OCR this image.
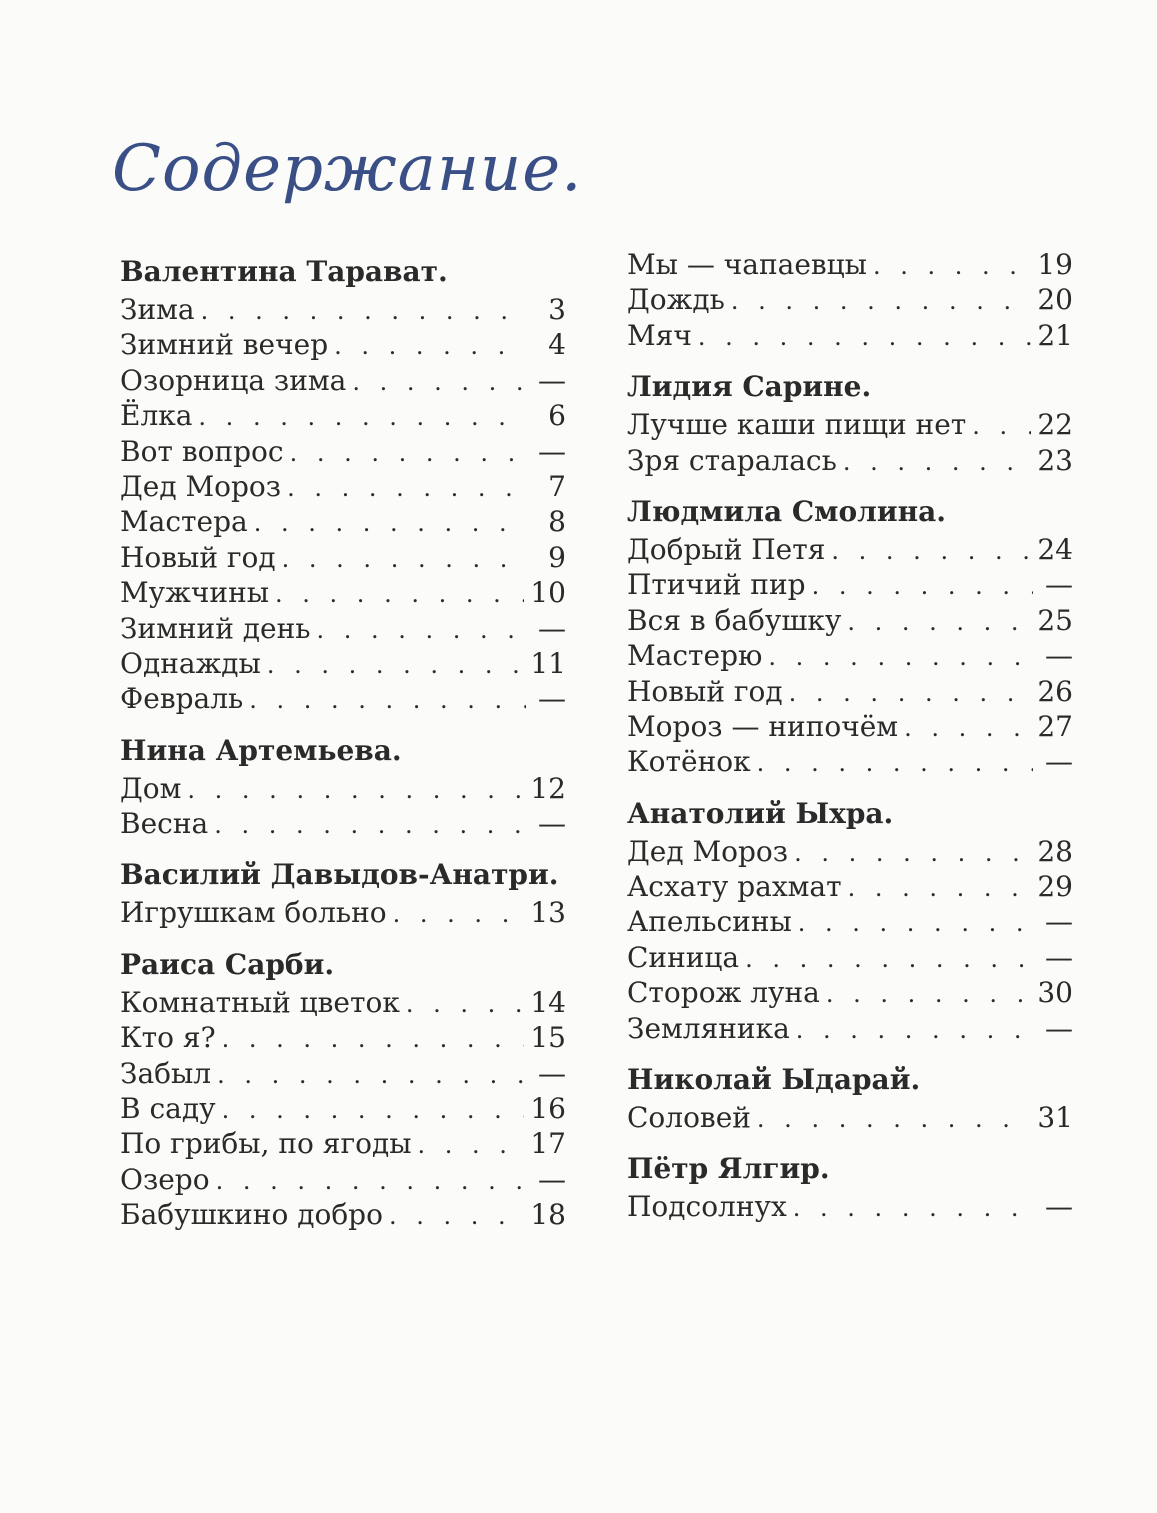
Содержание.
Валентина Тарават.
Зима . . .	3
Зимний вечер . . .	4
Озорница зима . . .	—
Ёлка . . .	6
Вот вопрос . . .	—
Дед Мороз . . .	7
Мастера . . .	8
Новый год . . .	9
Мужчины . . .	10
Зимний день . . .	—
Однажды . . .	11
Февраль . . .	—
Нина Артемьева.
Дом . . .	12
Весна . . .	—
Василий Давыдов-Анатри.
Игрушкам больно . . .	13
Раиса Сарби.
Комнатный цветок . . .	14
Кто я? . . .	15
Забыл . . .	—
В саду . . .	16
По грибы, по ягоды . . .	17
Озеро . . .	—
Бабушкино добро . . .	18
Мы — чапаевцы . . .	19
Дождь . . .	20
Мяч . . .	21
Лидия Сарине.
Лучше каши пищи нет . . .	22
Зря старалась . . .	23
Людмила Смолина.
Добрый Петя . . .	24
Птичий пир . . .	—
Вся в бабушку . . .	25
Мастерю . . .	—
Новый год . . .	26
Мороз — нипочём . . .	27
Котёнок . . .	—
Анатолий Ыхра.
Дед Мороз . . .	28
Асхату рахмат . . .	29
Апельсины . . .	—
Синица . . .	—
Сторож луна . . .	30
Земляника . . .	—
Николай Ыдарай.
Соловей . . .	31
Пётр Ялгир.
Подсолнух . . .	—
